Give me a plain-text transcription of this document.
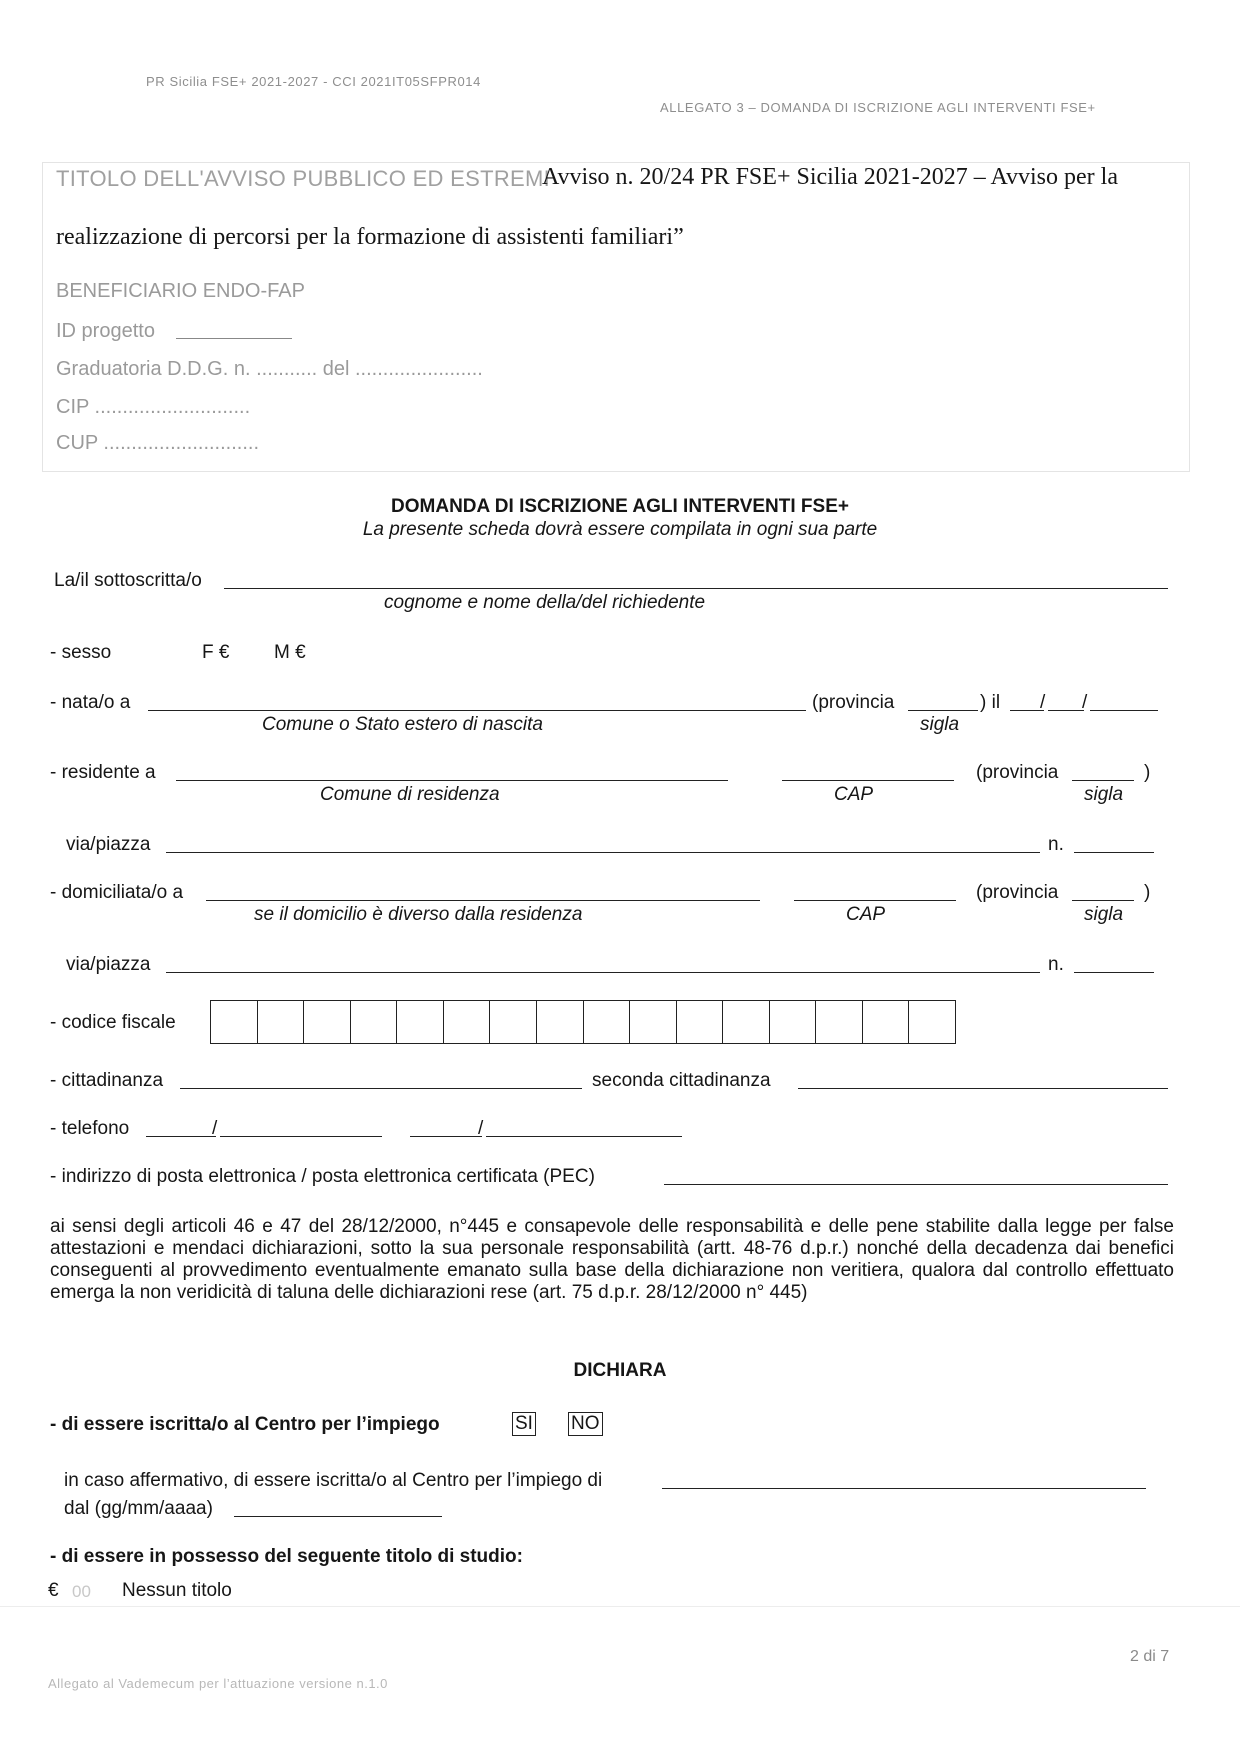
PR Sicilia FSE+ 2021-2027 - CCI 2021IT05SFPR014
ALLEGATO 3 – DOMANDA DI ISCRIZIONE AGLI INTERVENTI FSE+
TITOLO DELL'AVVISO PUBBLICO ED ESTREMI
Avviso n. 20/24 PR FSE+ Sicilia 2021-2027 – Avviso per la
realizzazione di percorsi per la formazione di assistenti familiari”
BENEFICIARIO ENDO-FAP
ID progetto
Graduatoria D.D.G. n. ........... del .......................
CIP ............................
CUP ............................
DOMANDA DI ISCRIZIONE AGLI INTERVENTI FSE+
La presente scheda dovrà essere compilata in ogni sua parte
La/il sottoscritta/o
cognome e nome della/del richiedente
- sesso	F € M €
- nata/o a
Comune o Stato estero di nascita
(provincia	) il / /
sigla
- residente a
Comune di residenza	CAP
(provincia	)
sigla
via/piazza	n.
- domiciliata/o a
se il domicilio è diverso dalla residenza	CAP
(provincia	)
sigla
via/piazza	n.
- codice fiscale
- cittadinanza	seconda cittadinanza
- telefono	/	/
- indirizzo di posta elettronica / posta elettronica certificata (PEC)
ai sensi degli articoli 46 e 47 del 28/12/2000, n°445 e consapevole delle responsabilità e delle pene stabilite dalla legge per false attestazioni e mendaci dichiarazioni, sotto la sua personale responsabilità (artt. 48-76 d.p.r.) nonché della decadenza dai benefici conseguenti al provvedimento eventualmente emanato sulla base della dichiarazione non veritiera, qualora dal controllo effettuato emerga la non veridicità di taluna delle dichiarazioni rese (art. 75 d.p.r. 28/12/2000 n° 445)
DICHIARA
- di essere iscritta/o al Centro per l’impiego	SI NO
in caso affermativo, di essere iscritta/o al Centro per l’impiego di
dal (gg/mm/aaaa)
- di essere in possesso del seguente titolo di studio:
€ 00 Nessun titolo
2 di 7
Allegato al Vademecum per l’attuazione versione n.1.0
